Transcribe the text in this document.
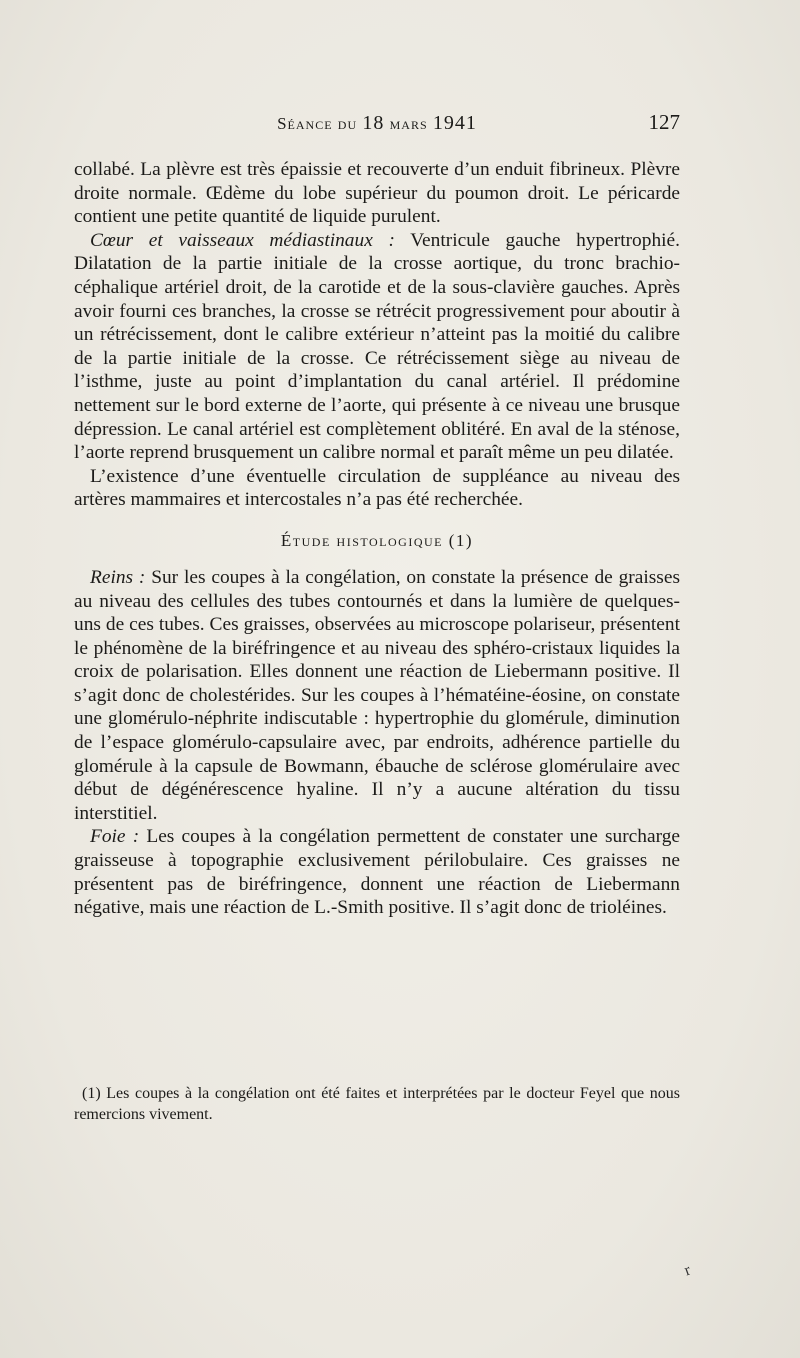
Séance du 18 mars 1941	127

collabé. La plèvre est très épaissie et recouverte d’un enduit fibrineux. Plèvre droite normale. Œdème du lobe supérieur du poumon droit. Le péricarde contient une petite quantité de liquide purulent.

Cœur et vaisseaux médiastinaux : Ventricule gauche hypertrophié. Dilatation de la partie initiale de la crosse aortique, du tronc brachio-céphalique artériel droit, de la carotide et de la sous-clavière gauches. Après avoir fourni ces branches, la crosse se rétrécit progressivement pour aboutir à un rétrécissement, dont le calibre extérieur n’atteint pas la moitié du calibre de la partie initiale de la crosse. Ce rétrécissement siège au niveau de l’isthme, juste au point d’implantation du canal artériel. Il prédomine nettement sur le bord externe de l’aorte, qui présente à ce niveau une brusque dépression. Le canal artériel est complètement oblitéré. En aval de la sténose, l’aorte reprend brusquement un calibre normal et paraît même un peu dilatée.

L’existence d’une éventuelle circulation de suppléance au niveau des artères mammaires et intercostales n’a pas été recherchée.

Étude histologique (1)

Reins : Sur les coupes à la congélation, on constate la présence de graisses au niveau des cellules des tubes contournés et dans la lumière de quelques-uns de ces tubes. Ces graisses, observées au microscope polariseur, présentent le phénomène de la biréfringence et au niveau des sphéro-cristaux liquides la croix de polarisation. Elles donnent une réaction de Liebermann positive. Il s’agit donc de cholestérides. Sur les coupes à l’hématéine-éosine, on constate une glomérulo-néphrite indiscutable : hypertrophie du glomérule, diminution de l’espace glomérulo-capsulaire avec, par endroits, adhérence partielle du glomérule à la capsule de Bowmann, ébauche de sclérose glomérulaire avec début de dégénérescence hyaline. Il n’y a aucune altération du tissu interstitiel.

Foie : Les coupes à la congélation permettent de constater une surcharge graisseuse à topographie exclusivement périlobulaire. Ces graisses ne présentent pas de biréfringence, donnent une réaction de Liebermann négative, mais une réaction de L.-Smith positive. Il s’agit donc de trioléines.

(1) Les coupes à la congélation ont été faites et interprétées par le docteur Feyel que nous remercions vivement.
r
